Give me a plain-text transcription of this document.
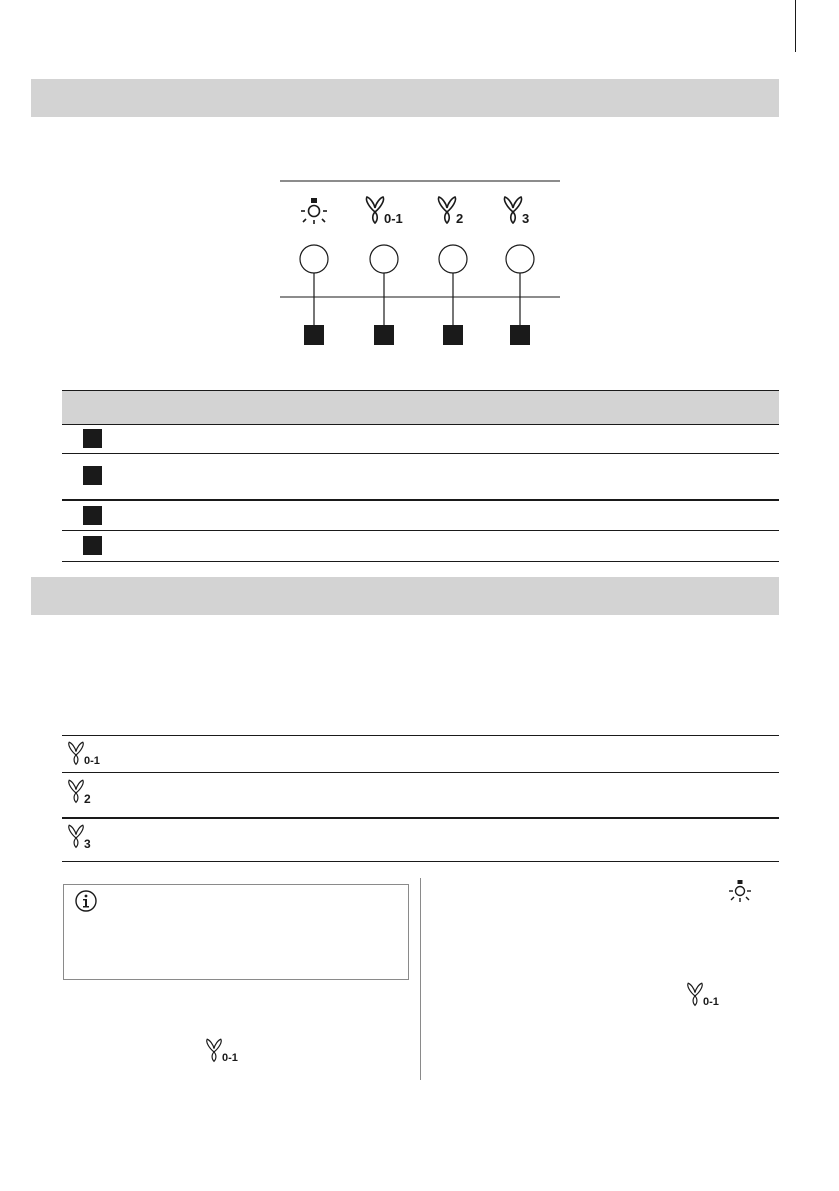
0-1	2	3
0-1
2
3
0-1
0-1
